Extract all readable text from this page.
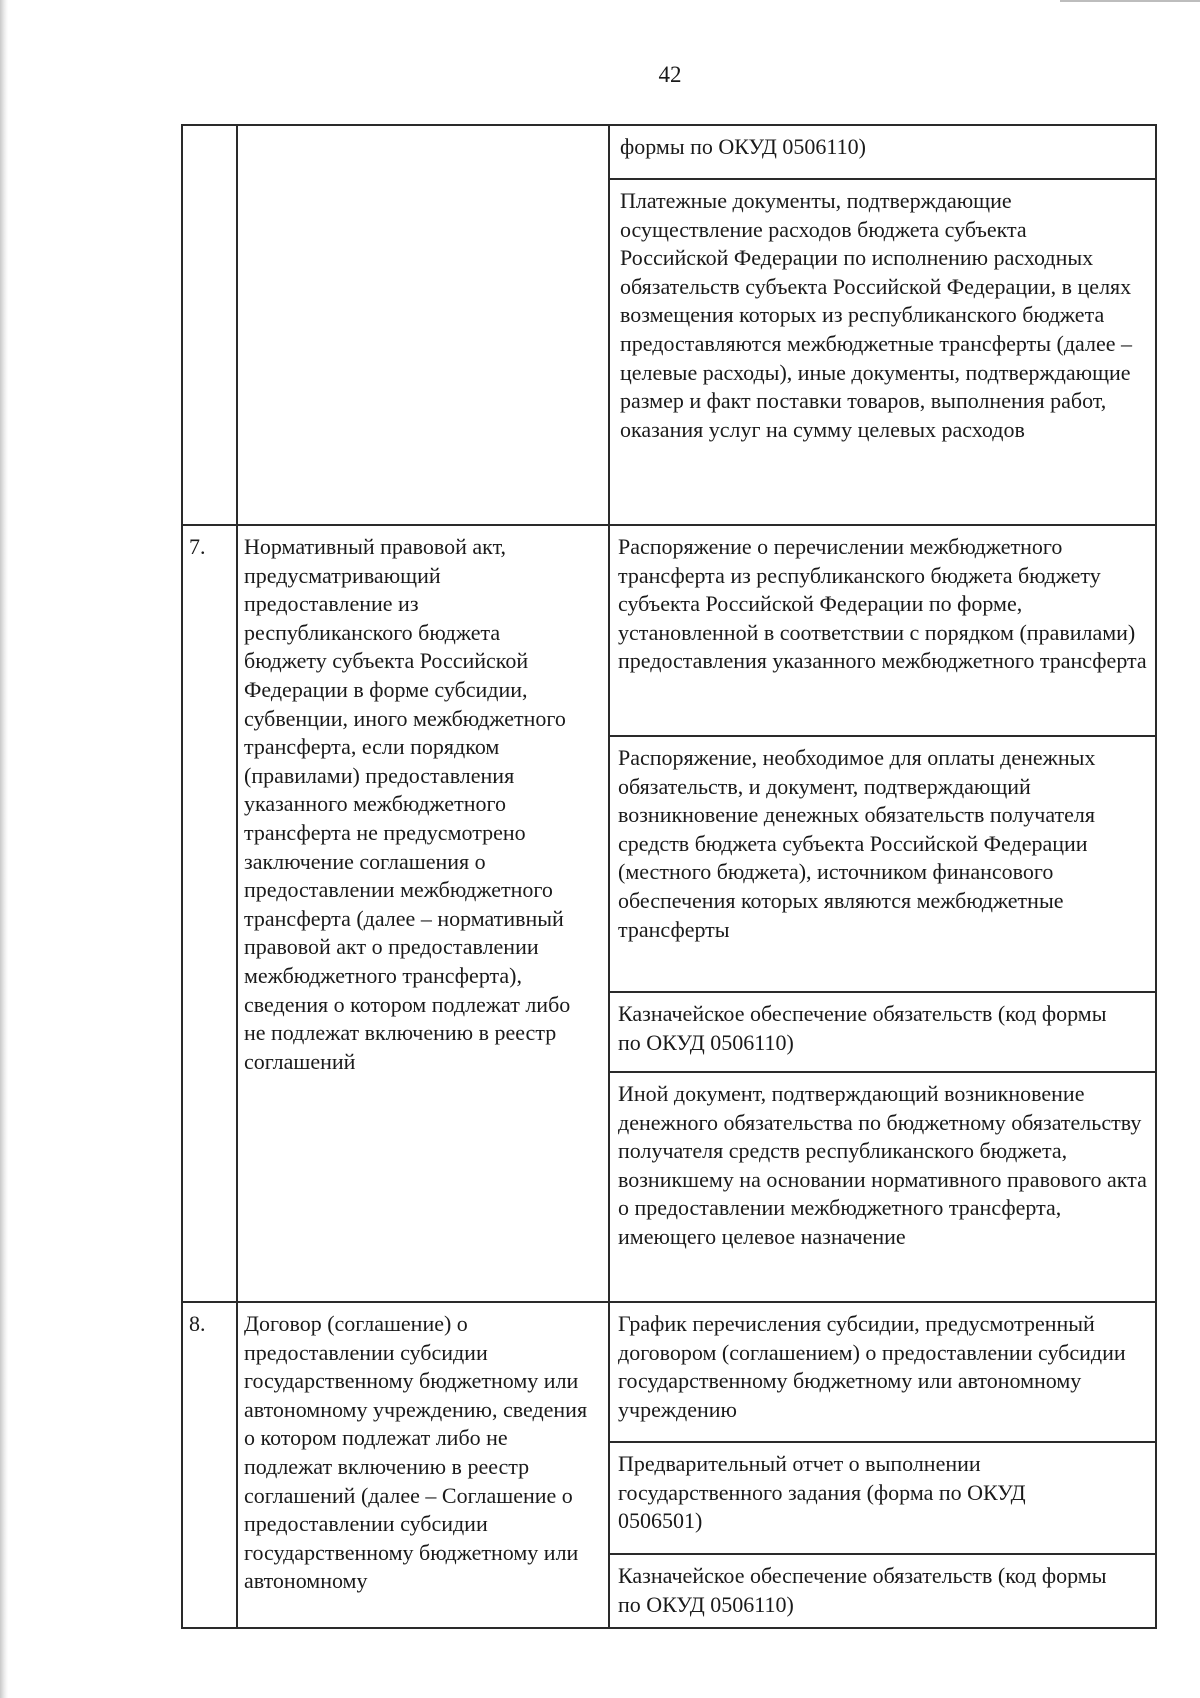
42
формы по ОКУД 0506110)
Платежные документы, подтверждающие осуществление расходов бюджета субъекта Российской Федерации по исполнению расходных обязательств субъекта Российской Федерации, в целях возмещения которых из республиканского бюджета предоставляются межбюджетные трансферты (далее – целевые расходы), иные документы, подтверждающие размер и факт поставки товаров, выполнения работ, оказания услуг на сумму целевых расходов
7.	Нормативный правовой акт, предусматривающий предоставление из республиканского бюджета бюджету субъекта Российской Федерации в форме субсидии, субвенции, иного межбюджетного трансферта, если порядком (правилами) предоставления указанного межбюджетного трансферта не предусмотрено заключение соглашения о предоставлении межбюджетного трансферта (далее – нормативный правовой акт о предоставлении межбюджетного трансферта), сведения о котором подлежат либо не подлежат включению в реестр соглашений
Распоряжение о перечислении межбюджетного трансферта из республиканского бюджета бюджету субъекта Российской Федерации по форме, установленной в соответствии с порядком (правилами) предоставления указанного межбюджетного трансферта
Распоряжение, необходимое для оплаты денежных обязательств, и документ, подтверждающий возникновение денежных обязательств получателя средств бюджета субъекта Российской Федерации (местного бюджета), источником финансового обеспечения которых являются межбюджетные трансферты
Казначейское обеспечение обязательств (код формы по ОКУД 0506110)
Иной документ, подтверждающий возникновение денежного обязательства по бюджетному обязательству получателя средств республиканского бюджета, возникшему на основании нормативного правового акта о предоставлении межбюджетного трансферта, имеющего целевое назначение
8.	Договор (соглашение) о предоставлении субсидии государственному бюджетному или автономному учреждению, сведения о котором подлежат либо не подлежат включению в реестр соглашений (далее – Соглашение о предоставлении субсидии государственному бюджетному или автономному
График перечисления субсидии, предусмотренный договором (соглашением) о предоставлении субсидии государственному бюджетному или автономному учреждению
Предварительный отчет о выполнении государственного задания (форма по ОКУД 0506501)
Казначейское обеспечение обязательств (код формы по ОКУД 0506110)
